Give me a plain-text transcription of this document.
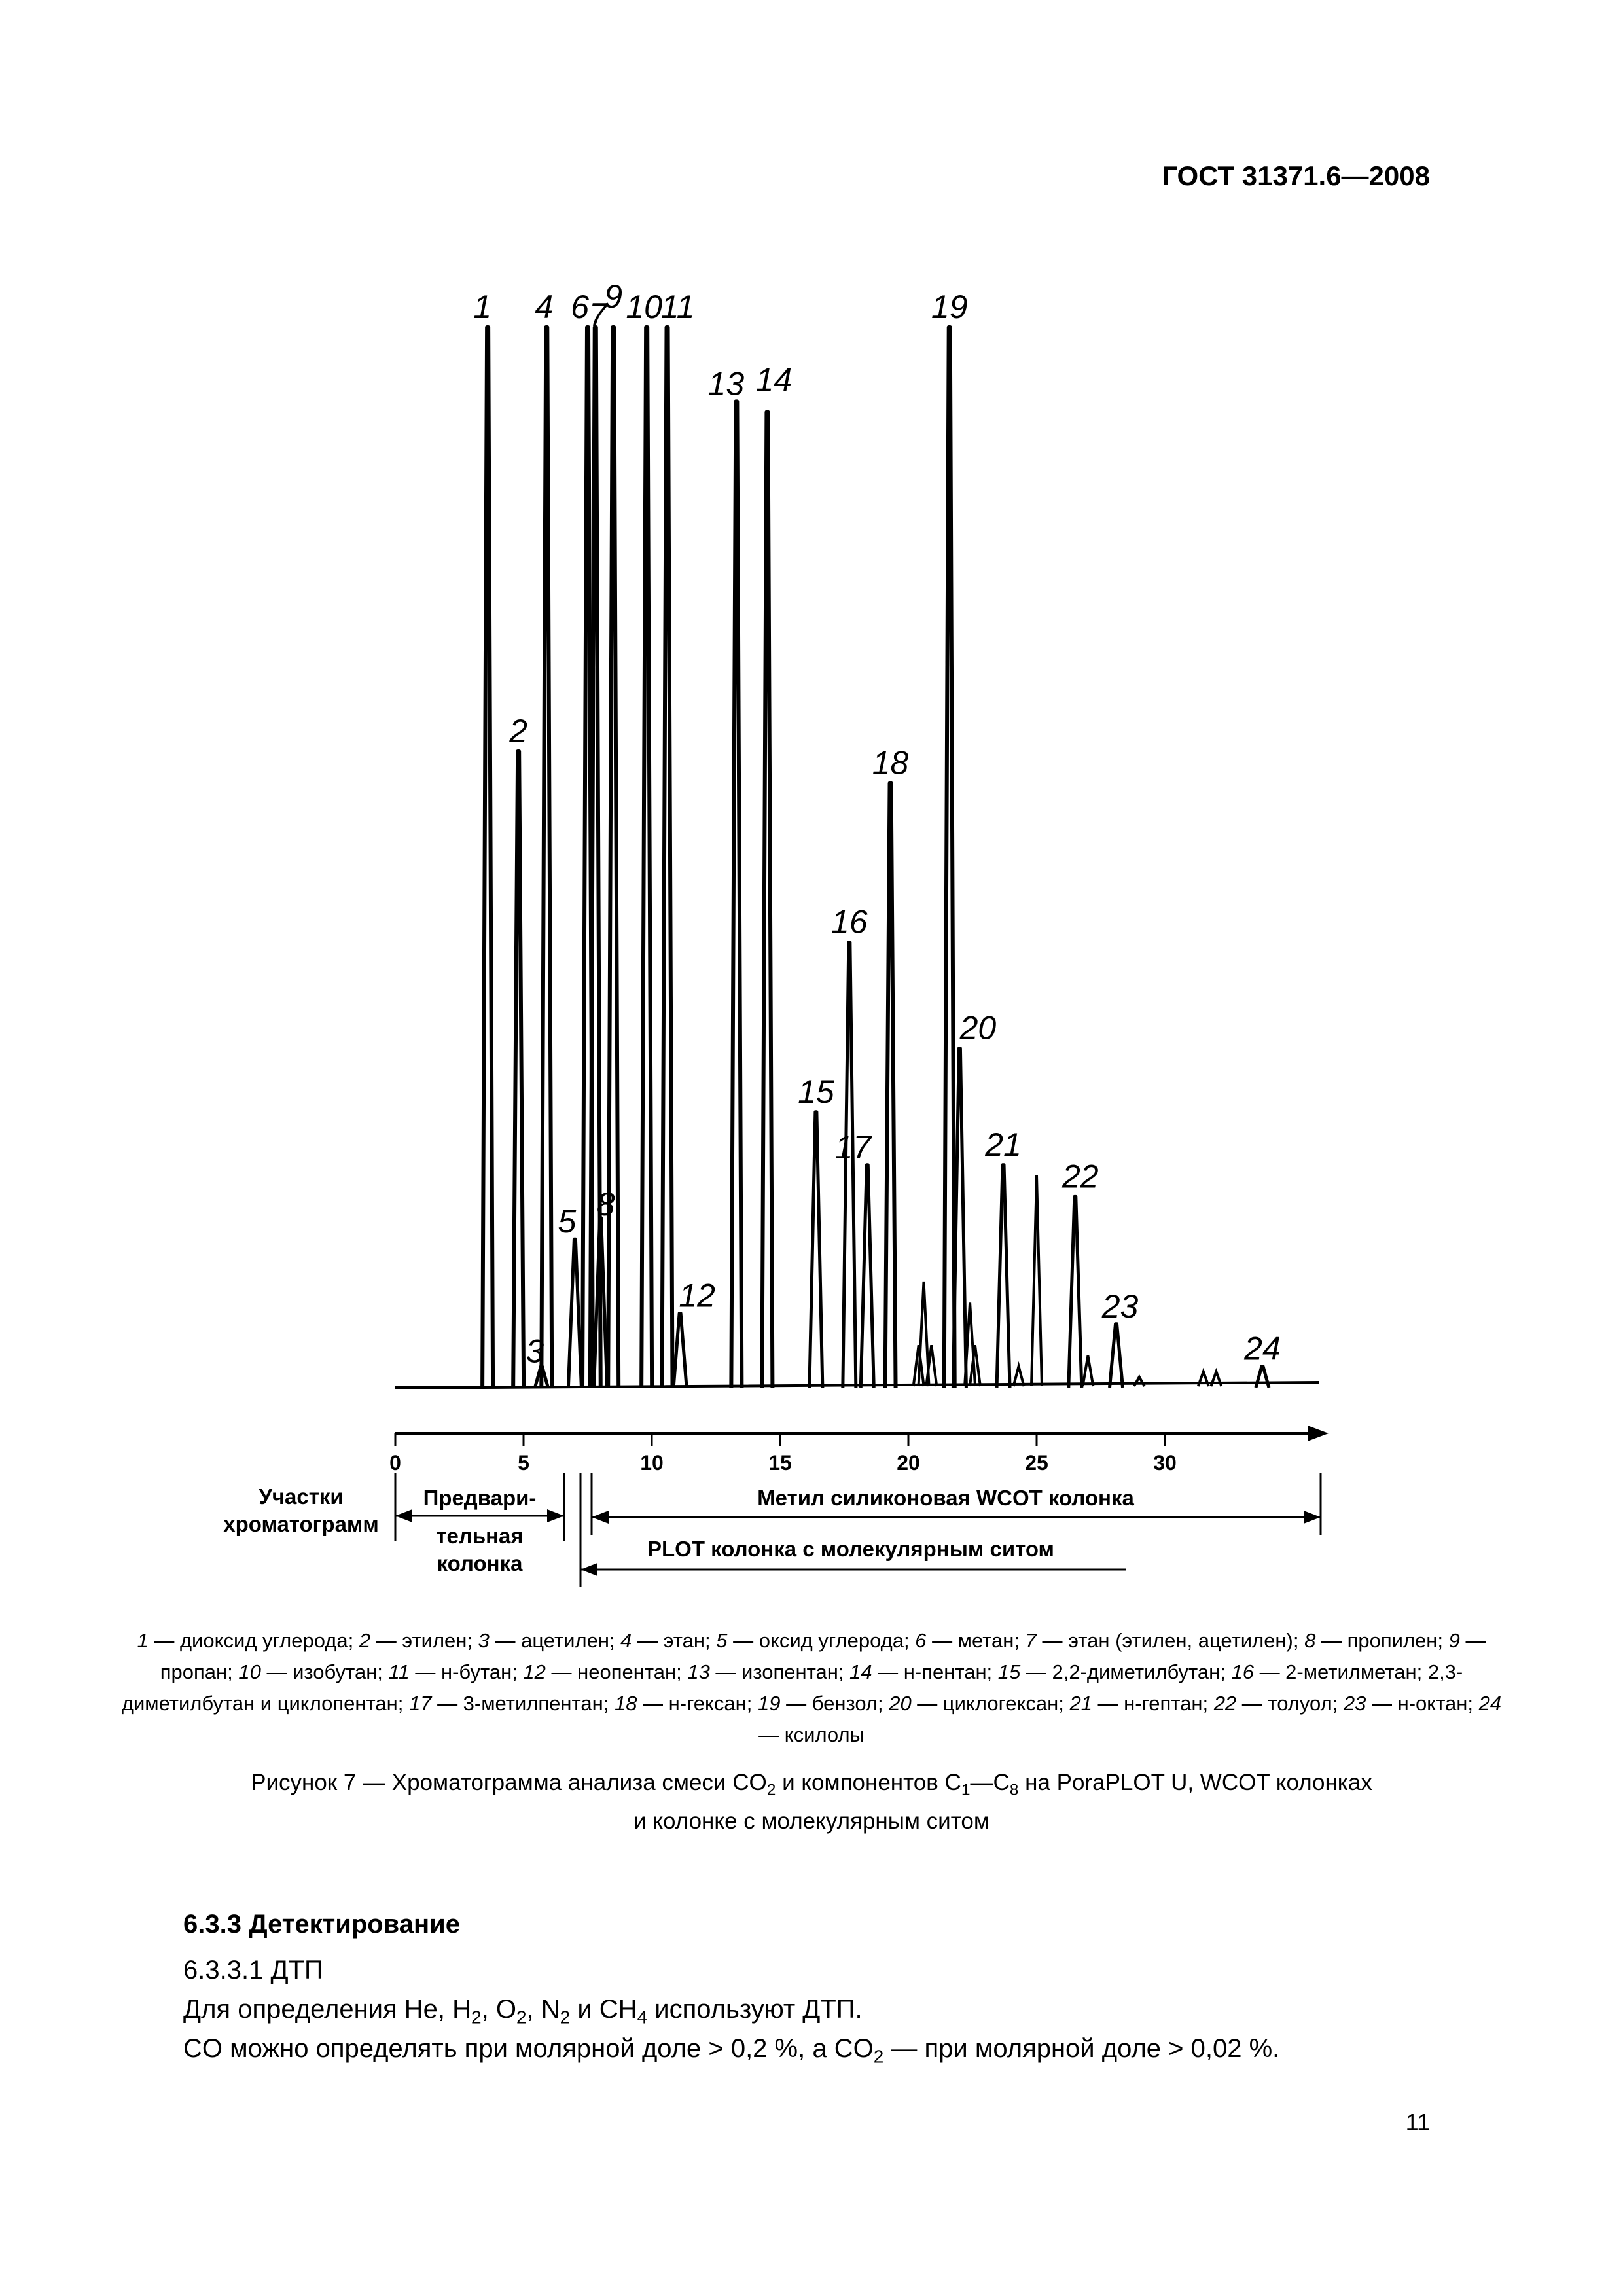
ГОСТ 31371.6—2008
1
2
3
4
5
6 7
8
9 10
11
12
13 14
15
16
17
18
19
20
21
22
23
24
0	5	10	15	20	25	30
Участки
хроматограмм
Предвари-
тельная
колонка
Метил силиконовая WCOT колонка
PLOT колонка с молекулярным ситом
1 — диоксид углерода; 2 — этилен; 3 — ацетилен; 4 — этан; 5 — оксид углерода; 6 — метан; 7 — этан (этилен, ацетилен); 8 — пропилен; 9 — пропан; 10 — изобутан; 11 — н-бутан; 12 — неопентан; 13 — изопентан; 14 — н-пентан; 15 — 2,2-диметилбутан; 16 — 2-метилметан; 2,3-диметилбутан и циклопентан; 17 — 3-метилпентан; 18 — н-гексан; 19 — бензол; 20 — циклогексан; 21 — н-гептан; 22 — толуол; 23 — н-октан; 24 — ксилолы
Рисунок 7 — Хроматограмма анализа смеси $CO_2$ и компонентов $C_1—C_8$ на PoraPLOT U, WCOT колонках
и колонке с молекулярным ситом
6.3.3 Детектирование
6.3.3.1 ДТП
Для определения He, $H_2$, $O_2$, $N_2$ и $CH_4$ используют ДТП.
CO можно определять при молярной доле > 0,2 %, а $CO_2$ — при молярной доле > 0,02 %.
11
